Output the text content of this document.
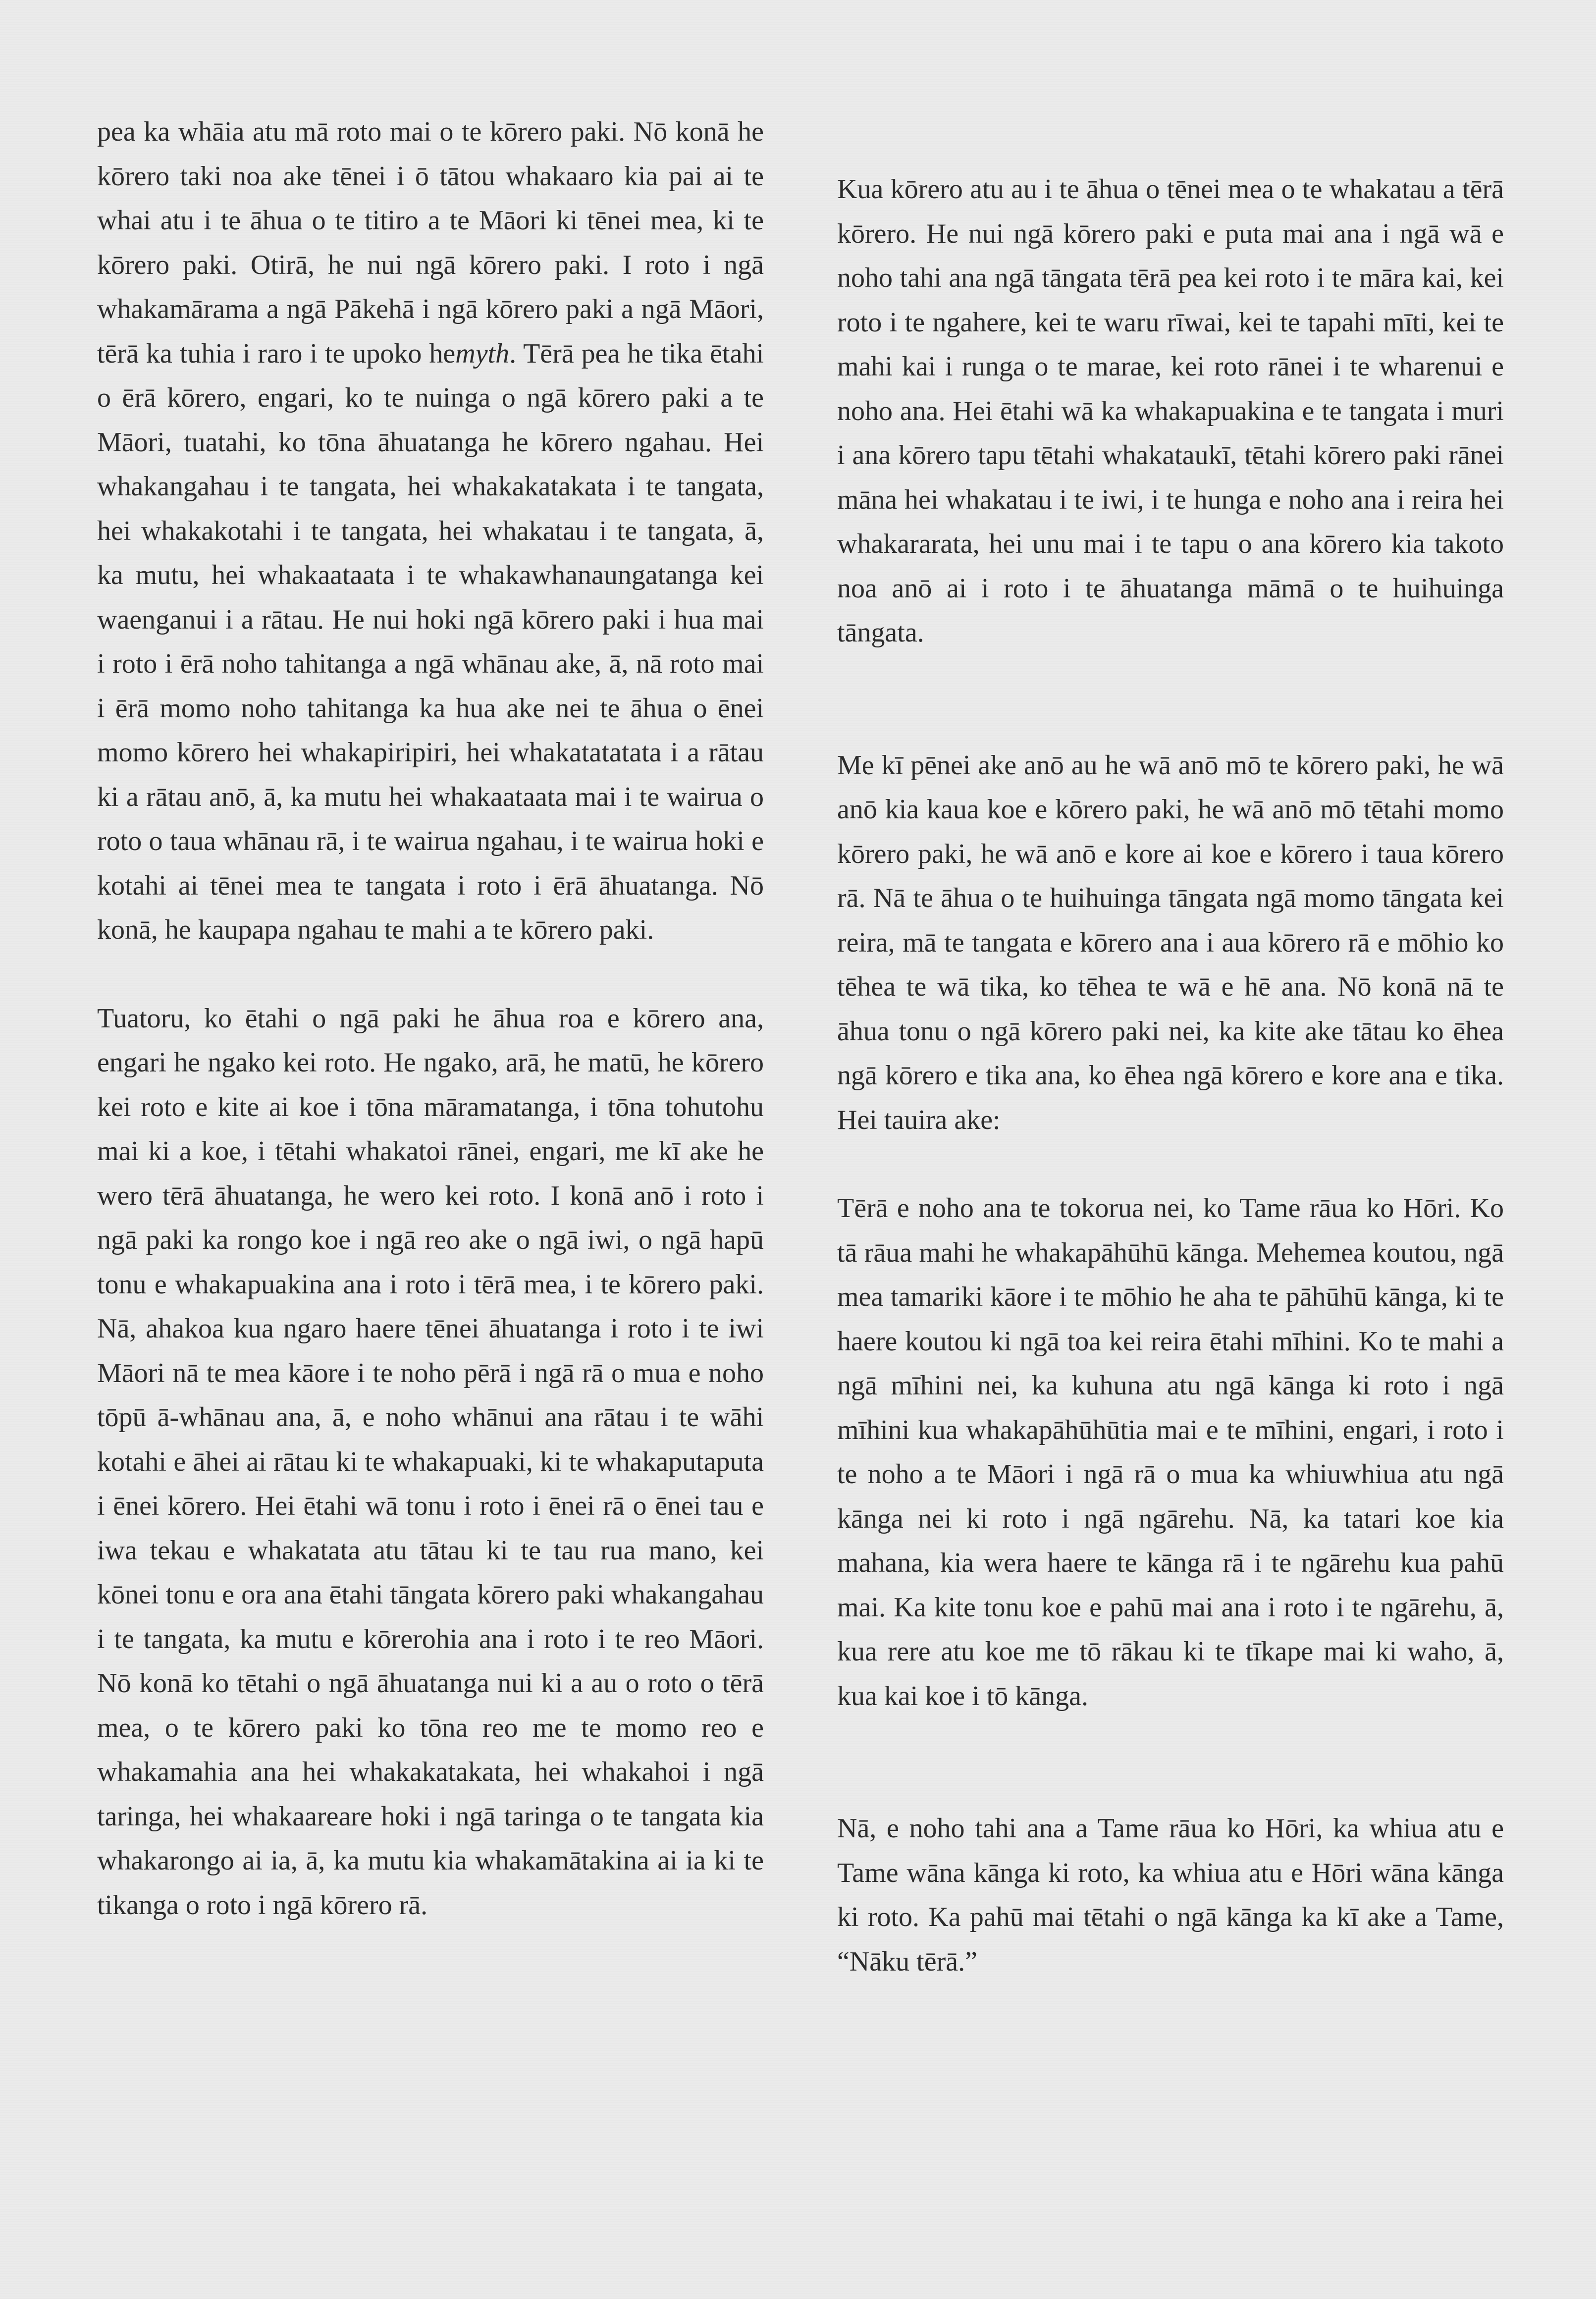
pea ka whāia atu mā roto mai o te kōrero paki. Nō konā he kōrero taki noa ake tēnei i ō tātou whakaaro kia pai ai te whai atu i te āhua o te titiro a te Māori ki tēnei mea, ki te kōrero paki. Otirā, he nui ngā kōrero paki. I roto i ngā whakamārama a ngā Pākehā i ngā kōrero paki a ngā Māori, tērā ka tuhia i raro i te upoko hemyth. Tērā pea he tika ētahi o ērā kōrero, engari, ko te nuinga o ngā kōrero paki a te Māori, tuatahi, ko tōna āhuatanga he kōrero ngahau. Hei whakangahau i te tangata, hei whakakatakata i te tangata, hei whakakotahi i te tangata, hei whakatau i te tangata, ā, ka mutu, hei whakaataata i te whakawhanaungatanga kei waenganui i a rātau. He nui hoki ngā kōrero paki i hua mai i roto i ērā noho tahitanga a ngā whānau ake, ā, nā roto mai i ērā momo noho tahitanga ka hua ake nei te āhua o ēnei momo kōrero hei whakapiripiri, hei whakatatatata i a rātau ki a rātau anō, ā, ka mutu hei whakaataata mai i te wairua o roto o taua whānau rā, i te wairua ngahau, i te wairua hoki e kotahi ai tēnei mea te tangata i roto i ērā āhuatanga. Nō konā, he kaupapa ngahau te mahi a te kōrero paki.

Tuatoru, ko ētahi o ngā paki he āhua roa e kōrero ana, engari he ngako kei roto. He ngako, arā, he matū, he kōrero kei roto e kite ai koe i tōna māramatanga, i tōna tohutohu mai ki a koe, i tētahi whakatoi rānei, engari, me kī ake he wero tērā āhuatanga, he wero kei roto. I konā anō i roto i ngā paki ka rongo koe i ngā reo ake o ngā iwi, o ngā hapū tonu e whakapuakina ana i roto i tērā mea, i te kōrero paki. Nā, ahakoa kua ngaro haere tēnei āhuatanga i roto i te iwi Māori nā te mea kāore i te noho pērā i ngā rā o mua e noho tōpū ā-whānau ana, ā, e noho whānui ana rātau i te wāhi kotahi e āhei ai rātau ki te whakapuaki, ki te whakaputaputa i ēnei kōrero. Hei ētahi wā tonu i roto i ēnei rā o ēnei tau e iwa tekau e whakatata atu tātau ki te tau rua mano, kei kōnei tonu e ora ana ētahi tāngata kōrero paki whakangahau i te tangata, ka mutu e kōrerohia ana i roto i te reo Māori. Nō konā ko tētahi o ngā āhuatanga nui ki a au o roto o tērā mea, o te kōrero paki ko tōna reo me te momo reo e whakamahia ana hei whakakatakata, hei whakahoi i ngā taringa, hei whakaareare hoki i ngā taringa o te tangata kia whakarongo ai ia, ā, ka mutu kia whakamātakina ai ia ki te tikanga o roto i ngā kōrero rā.

Kua kōrero atu au i te āhua o tēnei mea o te whakatau a tērā kōrero. He nui ngā kōrero paki e puta mai ana i ngā wā e noho tahi ana ngā tāngata tērā pea kei roto i te māra kai, kei roto i te ngahere, kei te waru rīwai, kei te tapahi mīti, kei te mahi kai i runga o te marae, kei roto rānei i te wharenui e noho ana. Hei ētahi wā ka whakapuakina e te tangata i muri i ana kōrero tapu tētahi whakataukī, tētahi kōrero paki rānei māna hei whakatau i te iwi, i te hunga e noho ana i reira hei whakararata, hei unu mai i te tapu o ana kōrero kia takoto noa anō ai i roto i te āhuatanga māmā o te huihuinga tāngata.

Me kī pēnei ake anō au he wā anō mō te kōrero paki, he wā anō kia kaua koe e kōrero paki, he wā anō mō tētahi momo kōrero paki, he wā anō e kore ai koe e kōrero i taua kōrero rā. Nā te āhua o te huihuinga tāngata ngā momo tāngata kei reira, mā te tangata e kōrero ana i aua kōrero rā e mōhio ko tēhea te wā tika, ko tēhea te wā e hē ana. Nō konā nā te āhua tonu o ngā kōrero paki nei, ka kite ake tātau ko ēhea ngā kōrero e tika ana, ko ēhea ngā kōrero e kore ana e tika. Hei tauira ake:

Tērā e noho ana te tokorua nei, ko Tame rāua ko Hōri. Ko tā rāua mahi he whakapāhūhū kānga. Mehemea koutou, ngā mea tamariki kāore i te mōhio he aha te pāhūhū kānga, ki te haere koutou ki ngā toa kei reira ētahi mīhini. Ko te mahi a ngā mīhini nei, ka kuhuna atu ngā kānga ki roto i ngā mīhini kua whakapāhūhūtia mai e te mīhini, engari, i roto i te noho a te Māori i ngā rā o mua ka whiuwhiua atu ngā kānga nei ki roto i ngā ngārehu. Nā, ka tatari koe kia mahana, kia wera haere te kānga rā i te ngārehu kua pahū mai. Ka kite tonu koe e pahū mai ana i roto i te ngārehu, ā, kua rere atu koe me tō rākau ki te tīkape mai ki waho, ā, kua kai koe i tō kānga.

Nā, e noho tahi ana a Tame rāua ko Hōri, ka whiua atu e Tame wāna kānga ki roto, ka whiua atu e Hōri wāna kānga ki roto. Ka pahū mai tētahi o ngā kānga ka kī ake a Tame, “Nāku tērā.”
